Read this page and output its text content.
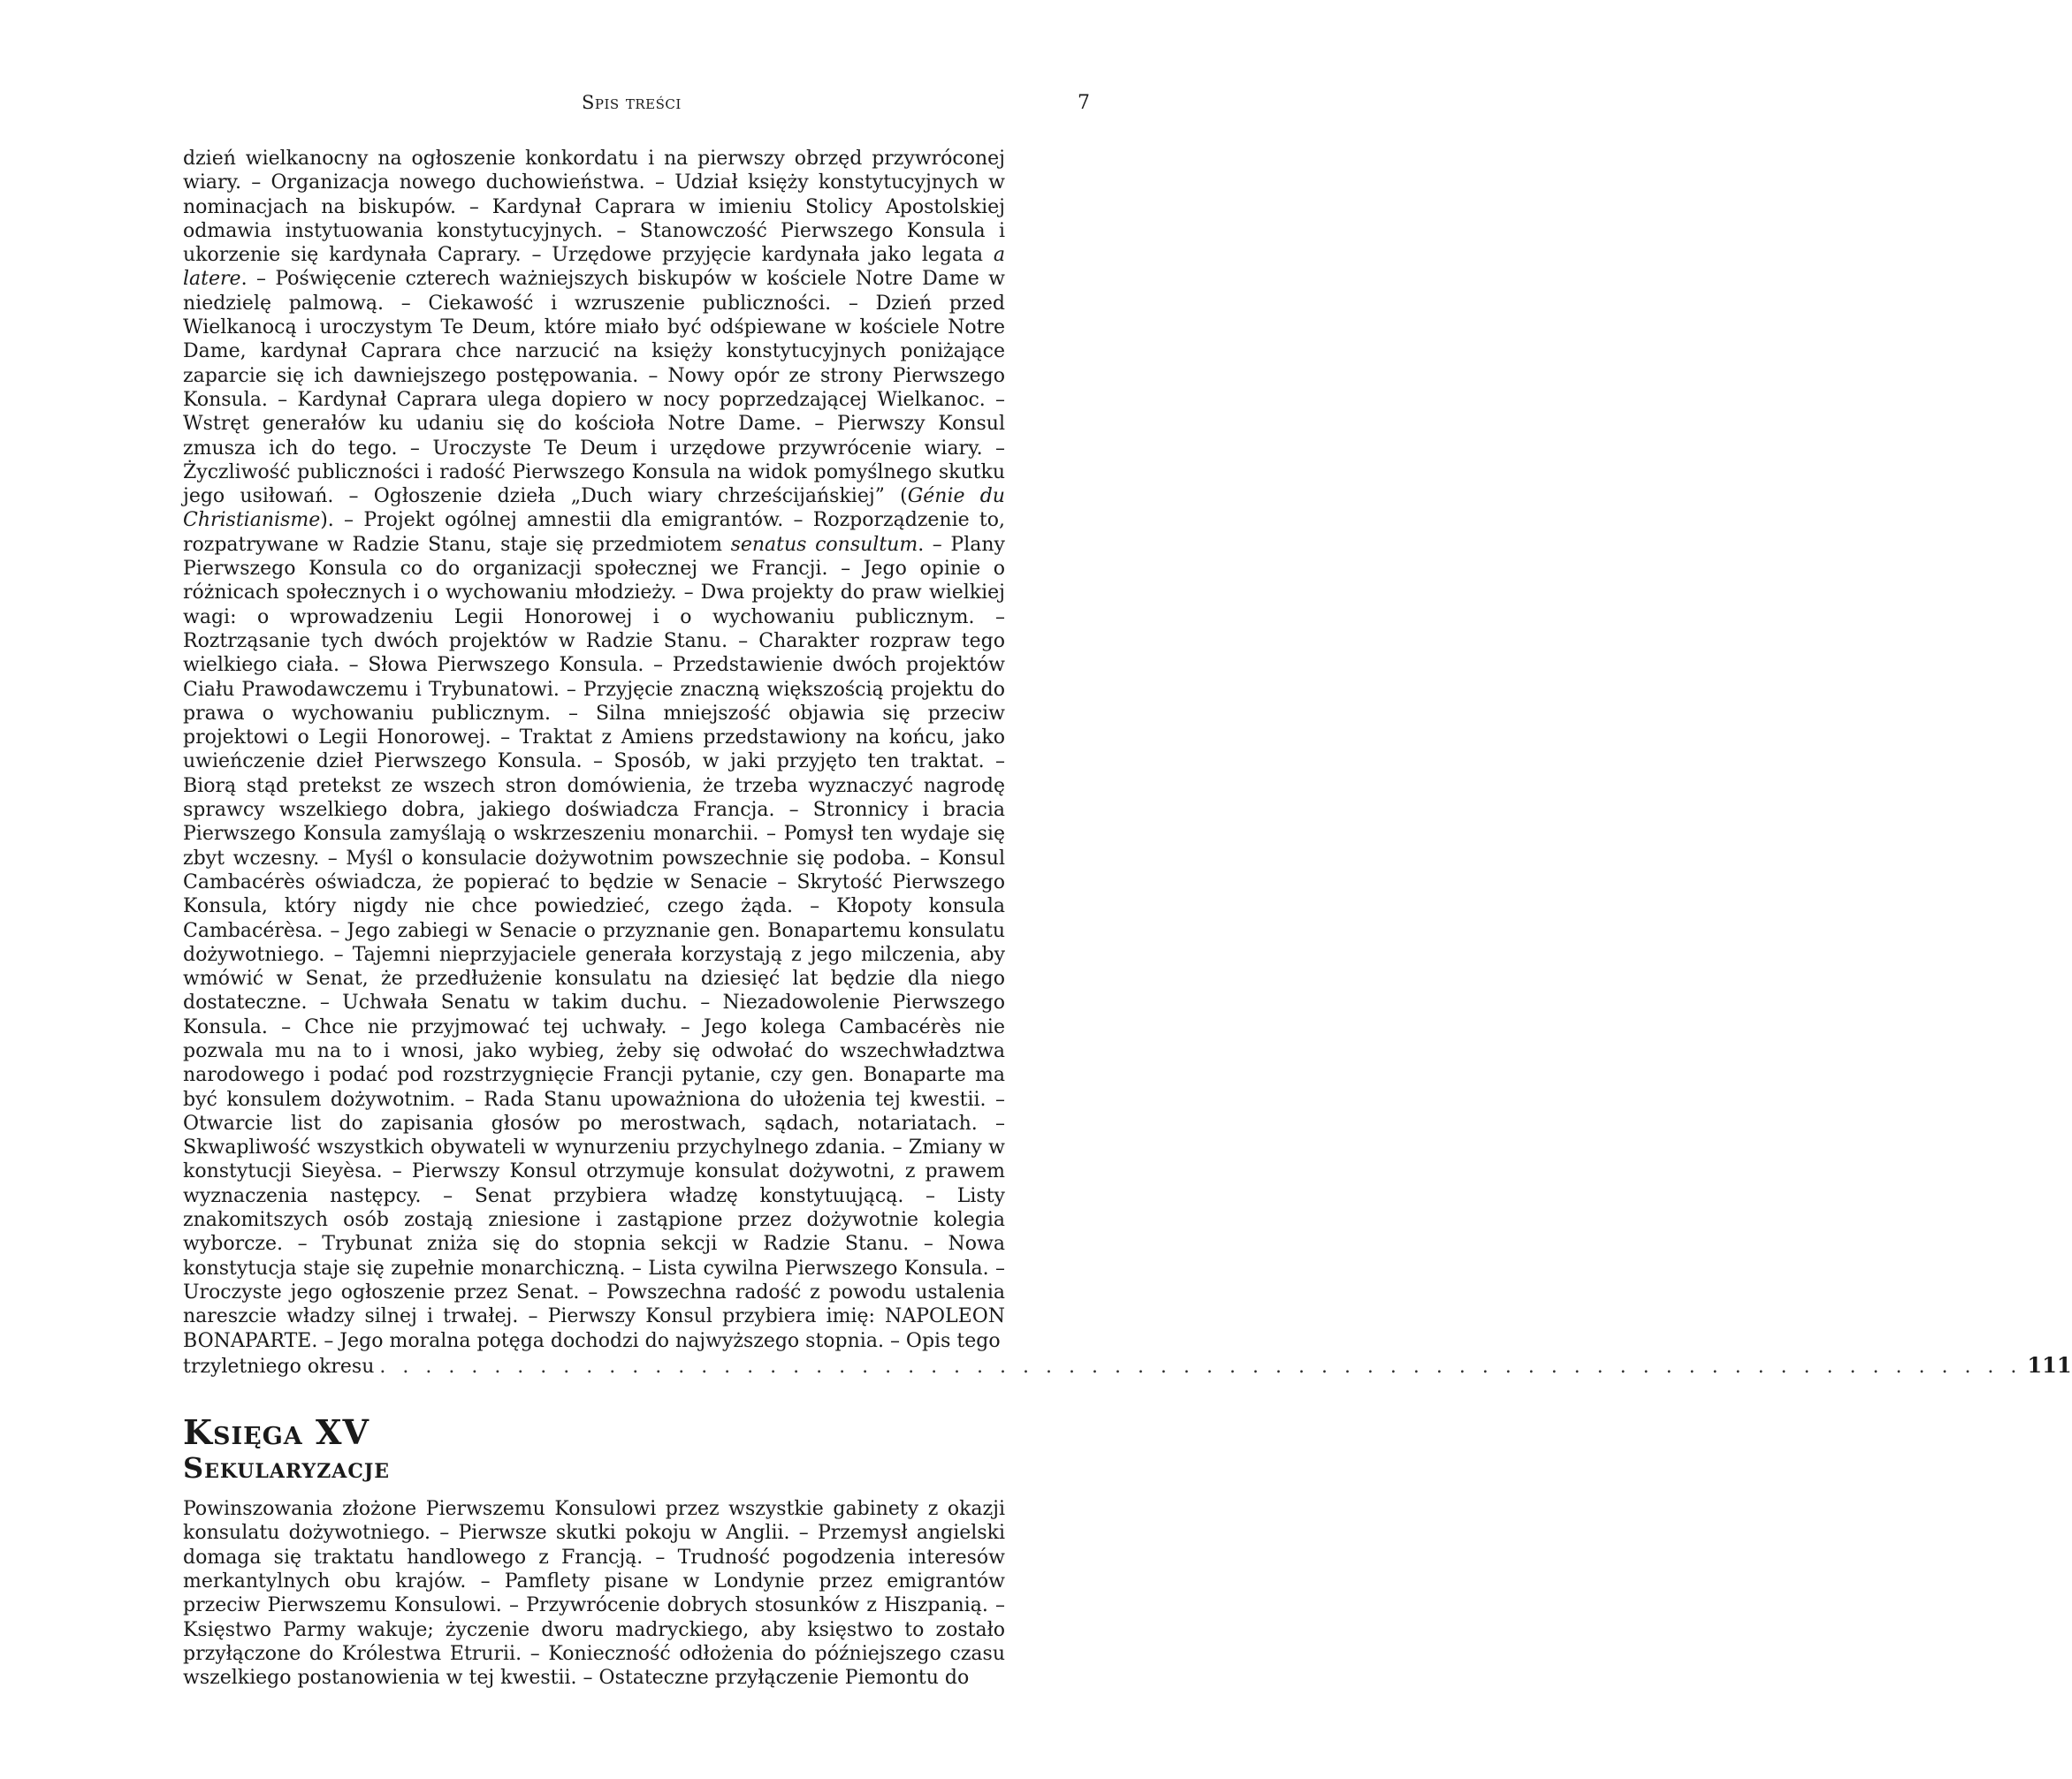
Spis treści	7

dzień wielkanocny na ogłoszenie konkordatu i na pierwszy obrzęd przywróconej wiary. – Organizacja nowego duchowieństwa. – Udział księży konstytucyjnych w nominacjach na biskupów. – Kardynał Caprara w imieniu Stolicy Apostolskiej odmawia instytuowania konstytucyjnych. – Stanowczość Pierwszego Konsula i ukorzenie się kardynała Caprary. – Urzędowe przyjęcie kardynała jako legata a latere. – Poświęcenie czterech ważniejszych biskupów w kościele Notre Dame w niedzielę palmową. – Ciekawość i wzruszenie publiczności. – Dzień przed Wielkanocą i uroczystym Te Deum, które miało być odśpiewane w kościele Notre Dame, kardynał Caprara chce narzucić na księży konstytucyjnych poniżające zaparcie się ich dawniejszego postępowania. – Nowy opór ze strony Pierwszego Konsula. – Kardynał Caprara ulega dopiero w nocy poprzedzającej Wielkanoc. – Wstręt generałów ku udaniu się do kościoła Notre Dame. – Pierwszy Konsul zmusza ich do tego. – Uroczyste Te Deum i urzędowe przywrócenie wiary. – Życzliwość publiczności i radość Pierwszego Konsula na widok pomyślnego skutku jego usiłowań. – Ogłoszenie dzieła „Duch wiary chrześcijańskiej” (Génie du Christianisme). – Projekt ogólnej amnestii dla emigrantów. – Rozporządzenie to, rozpatrywane w Radzie Stanu, staje się przedmiotem senatus consultum. – Plany Pierwszego Konsula co do organizacji społecznej we Francji. – Jego opinie o różnicach społecznych i o wychowaniu młodzieży. – Dwa projekty do praw wielkiej wagi: o wprowadzeniu Legii Honorowej i o wychowaniu publicznym. – Roztrząsanie tych dwóch projektów w Radzie Stanu. – Charakter rozpraw tego wielkiego ciała. – Słowa Pierwszego Konsula. – Przedstawienie dwóch projektów Ciału Prawodawczemu i Trybunatowi. – Przyjęcie znaczną większością projektu do prawa o wychowaniu publicznym. – Silna mniejszość objawia się przeciw projektowi o Legii Honorowej. – Traktat z Amiens przedstawiony na końcu, jako uwieńczenie dzieł Pierwszego Konsula. – Sposób, w jaki przyjęto ten traktat. – Biorą stąd pretekst ze wszech stron domówienia, że trzeba wyznaczyć nagrodę sprawcy wszelkiego dobra, jakiego doświadcza Francja. – Stronnicy i bracia Pierwszego Konsula zamyślają o wskrzeszeniu monarchii. – Pomysł ten wydaje się zbyt wczesny. – Myśl o konsulacie dożywotnim powszechnie się podoba. – Konsul Cambacérès oświadcza, że popierać to będzie w Senacie – Skrytość Pierwszego Konsula, który nigdy nie chce powiedzieć, czego żąda. – Kłopoty konsula Cambacérèsa. – Jego zabiegi w Senacie o przyznanie gen. Bonapartemu konsulatu dożywotniego. – Tajemni nieprzyjaciele generała korzystają z jego milczenia, aby wmówić w Senat, że przedłużenie konsulatu na dziesięć lat będzie dla niego dostateczne. – Uchwała Senatu w takim duchu. – Niezadowolenie Pierwszego Konsula. – Chce nie przyjmować tej uchwały. – Jego kolega Cambacérès nie pozwala mu na to i wnosi, jako wybieg, żeby się odwołać do wszechwładztwa narodowego i podać pod rozstrzygnięcie Francji pytanie, czy gen. Bonaparte ma być konsulem dożywotnim. – Rada Stanu upoważniona do ułożenia tej kwestii. – Otwarcie list do zapisania głosów po merostwach, sądach, notariatach. – Skwapliwość wszystkich obywateli w wynurzeniu przychylnego zdania. – Zmiany w konstytucji Sieyèsa. – Pierwszy Konsul otrzymuje konsulat dożywotni, z prawem wyznaczenia następcy. – Senat przybiera władzę konstytuującą. – Listy znakomitszych osób zostają zniesione i zastąpione przez dożywotnie kolegia wyborcze. – Trybunat zniża się do stopnia sekcji w Radzie Stanu. – Nowa konstytucja staje się zupełnie monarchiczną. – Lista cywilna Pierwszego Konsula. – Uroczyste jego ogłoszenie przez Senat. – Powszechna radość z powodu ustalenia nareszcie władzy silnej i trwałej. – Pierwszy Konsul przybiera imię: NAPOLEON BONAPARTE. – Jego moralna potęga dochodzi do najwyższego stopnia. – Opis tego

trzyletniego okresu . . . . . . . . . . . . . . . . . . . . . . . . . . . . . . . . . . . . . . . . . . . . . . . . . . . . . . . . . . . . . . . . . . . . . . . . 111
Księga XV
Sekularyzacje

Powinszowania złożone Pierwszemu Konsulowi przez wszystkie gabinety z okazji konsulatu dożywotniego. – Pierwsze skutki pokoju w Anglii. – Przemysł angielski domaga się traktatu handlowego z Francją. – Trudność pogodzenia interesów merkantylnych obu krajów. – Pamflety pisane w Londynie przez emigrantów przeciw Pierwszemu Konsulowi. – Przywrócenie dobrych stosunków z Hiszpanią. – Księstwo Parmy wakuje; życzenie dworu madryckiego, aby księstwo to zostało przyłączone do Królestwa Etrurii. – Konieczność odłożenia do późniejszego czasu wszelkiego postanowienia w tej kwestii. – Ostateczne przyłączenie Piemontu do
